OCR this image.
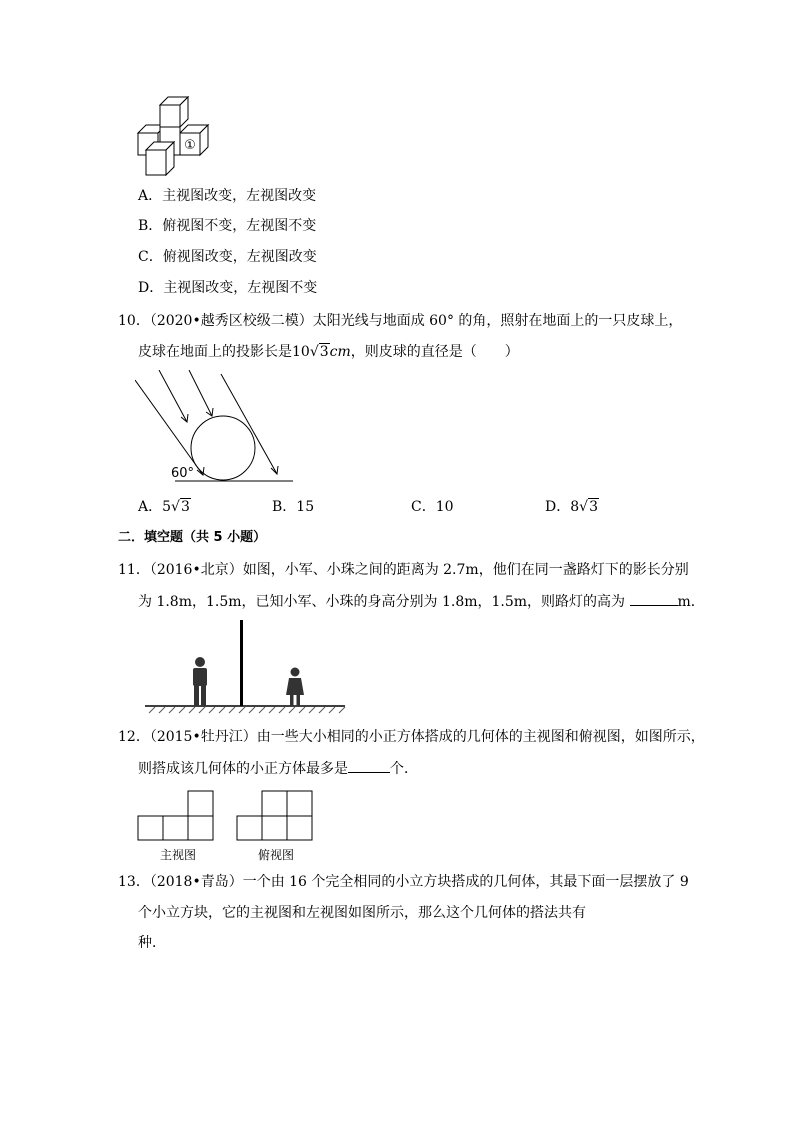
①
A．主视图改变，左视图改变
B．俯视图不变，左视图不变
C．俯视图改变，左视图改变
D．主视图改变，左视图不变
10．（2020•越秀区校级二模）太阳光线与地面成 60° 的角，照射在地面上的一只皮球上，
皮球在地面上的投影长是10√3cm，则皮球的直径是（　　）
60°
A．5√3	B．15	C．10	D．8√3
二．填空题（共 5 小题）
11．（2016•北京）如图，小军、小珠之间的距离为 2.7m，他们在同一盏路灯下的影长分别
为 1.8m，1.5m，已知小军、小珠的身高分别为 1.8m，1.5m，则路灯的高为	m．
12．（2015•牡丹江）由一些大小相同的小正方体搭成的几何体的主视图和俯视图，如图所示，
则搭成该几何体的小正方体最多是	个．
主视图	俯视图
13．（2018•青岛）一个由 16 个完全相同的小立方块搭成的几何体，其最下面一层摆放了 9
个小立方块，它的主视图和左视图如图所示，那么这个几何体的搭法共有
种．
